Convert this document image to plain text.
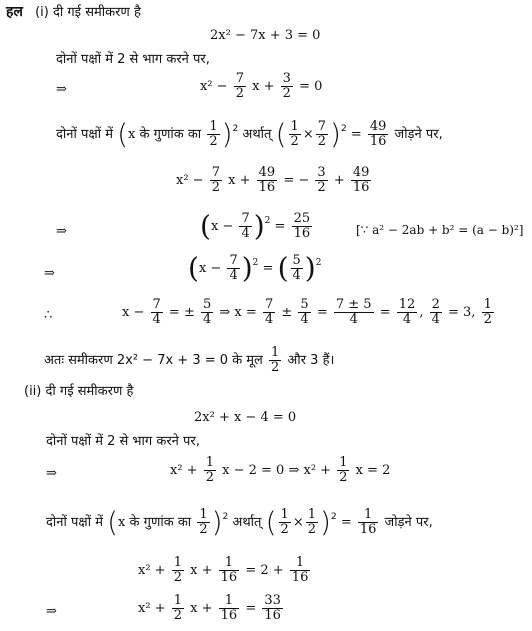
हल (i) दी गई समीकरण है
2x² − 7x + 3 = 0
दोनों पक्षों में 2 से भाग करने पर,
⇒	$x^2 - \frac{7}{2}$ $x + \frac{3}{2} = 0$
दोनों पक्षों में (x के गुणांक का $\frac{1}{2} )^2$ अर्थात् ( $\frac{1}{2} \times \frac{7}{2} )^2 = \frac{49}{16}$ जोड़ने पर,
$x^2 - \frac{7}{2}$ $x + \frac{49}{16}$ = − $\frac{3}{2} + \frac{49}{16}$
⇒	$(x - \frac{7}{4} )^2 = \frac{25}{16}$	[∵ a² − 2ab + b² = (a − b)²]
⇒	$(x - \frac{7}{4} )^2$ = ( $\frac{5}{4} )^2$
∴	$x - \frac{7}{4}$ = ± $\frac{5}{4}$ ⇒ $x = \frac{7}{4} \pm \frac{5}{4} = \frac{7 \pm 5}{4} = \frac{12}{4}$ , $\frac{2}{4} = 3$, $\frac{1}{2}$
अतः समीकरण 2x² − 7x + 3 = 0 के मूल $\frac{1}{2}$ और 3 हैं।
(ii) दी गई समीकरण है
2x² + x − 4 = 0
दोनों पक्षों में 2 से भाग करने पर,
⇒	$x^2 + \frac{1}{2}$ x − 2 = 0 ⇒ $x^2 + \frac{1}{2}$ x = 2
दोनों पक्षों में (x के गुणांक का $\frac{1}{2} )^2$ अर्थात् ( $\frac{1}{2} \times \frac{1}{2} )^2 = \frac{1}{16}$ जोड़ने पर,
$x^2 + \frac{1}{2}$ $x + \frac{1}{16} = 2 + \frac{1}{16}$
⇒	$x^2 + \frac{1}{2}$ $x + \frac{1}{16} = \frac{33}{16}$
